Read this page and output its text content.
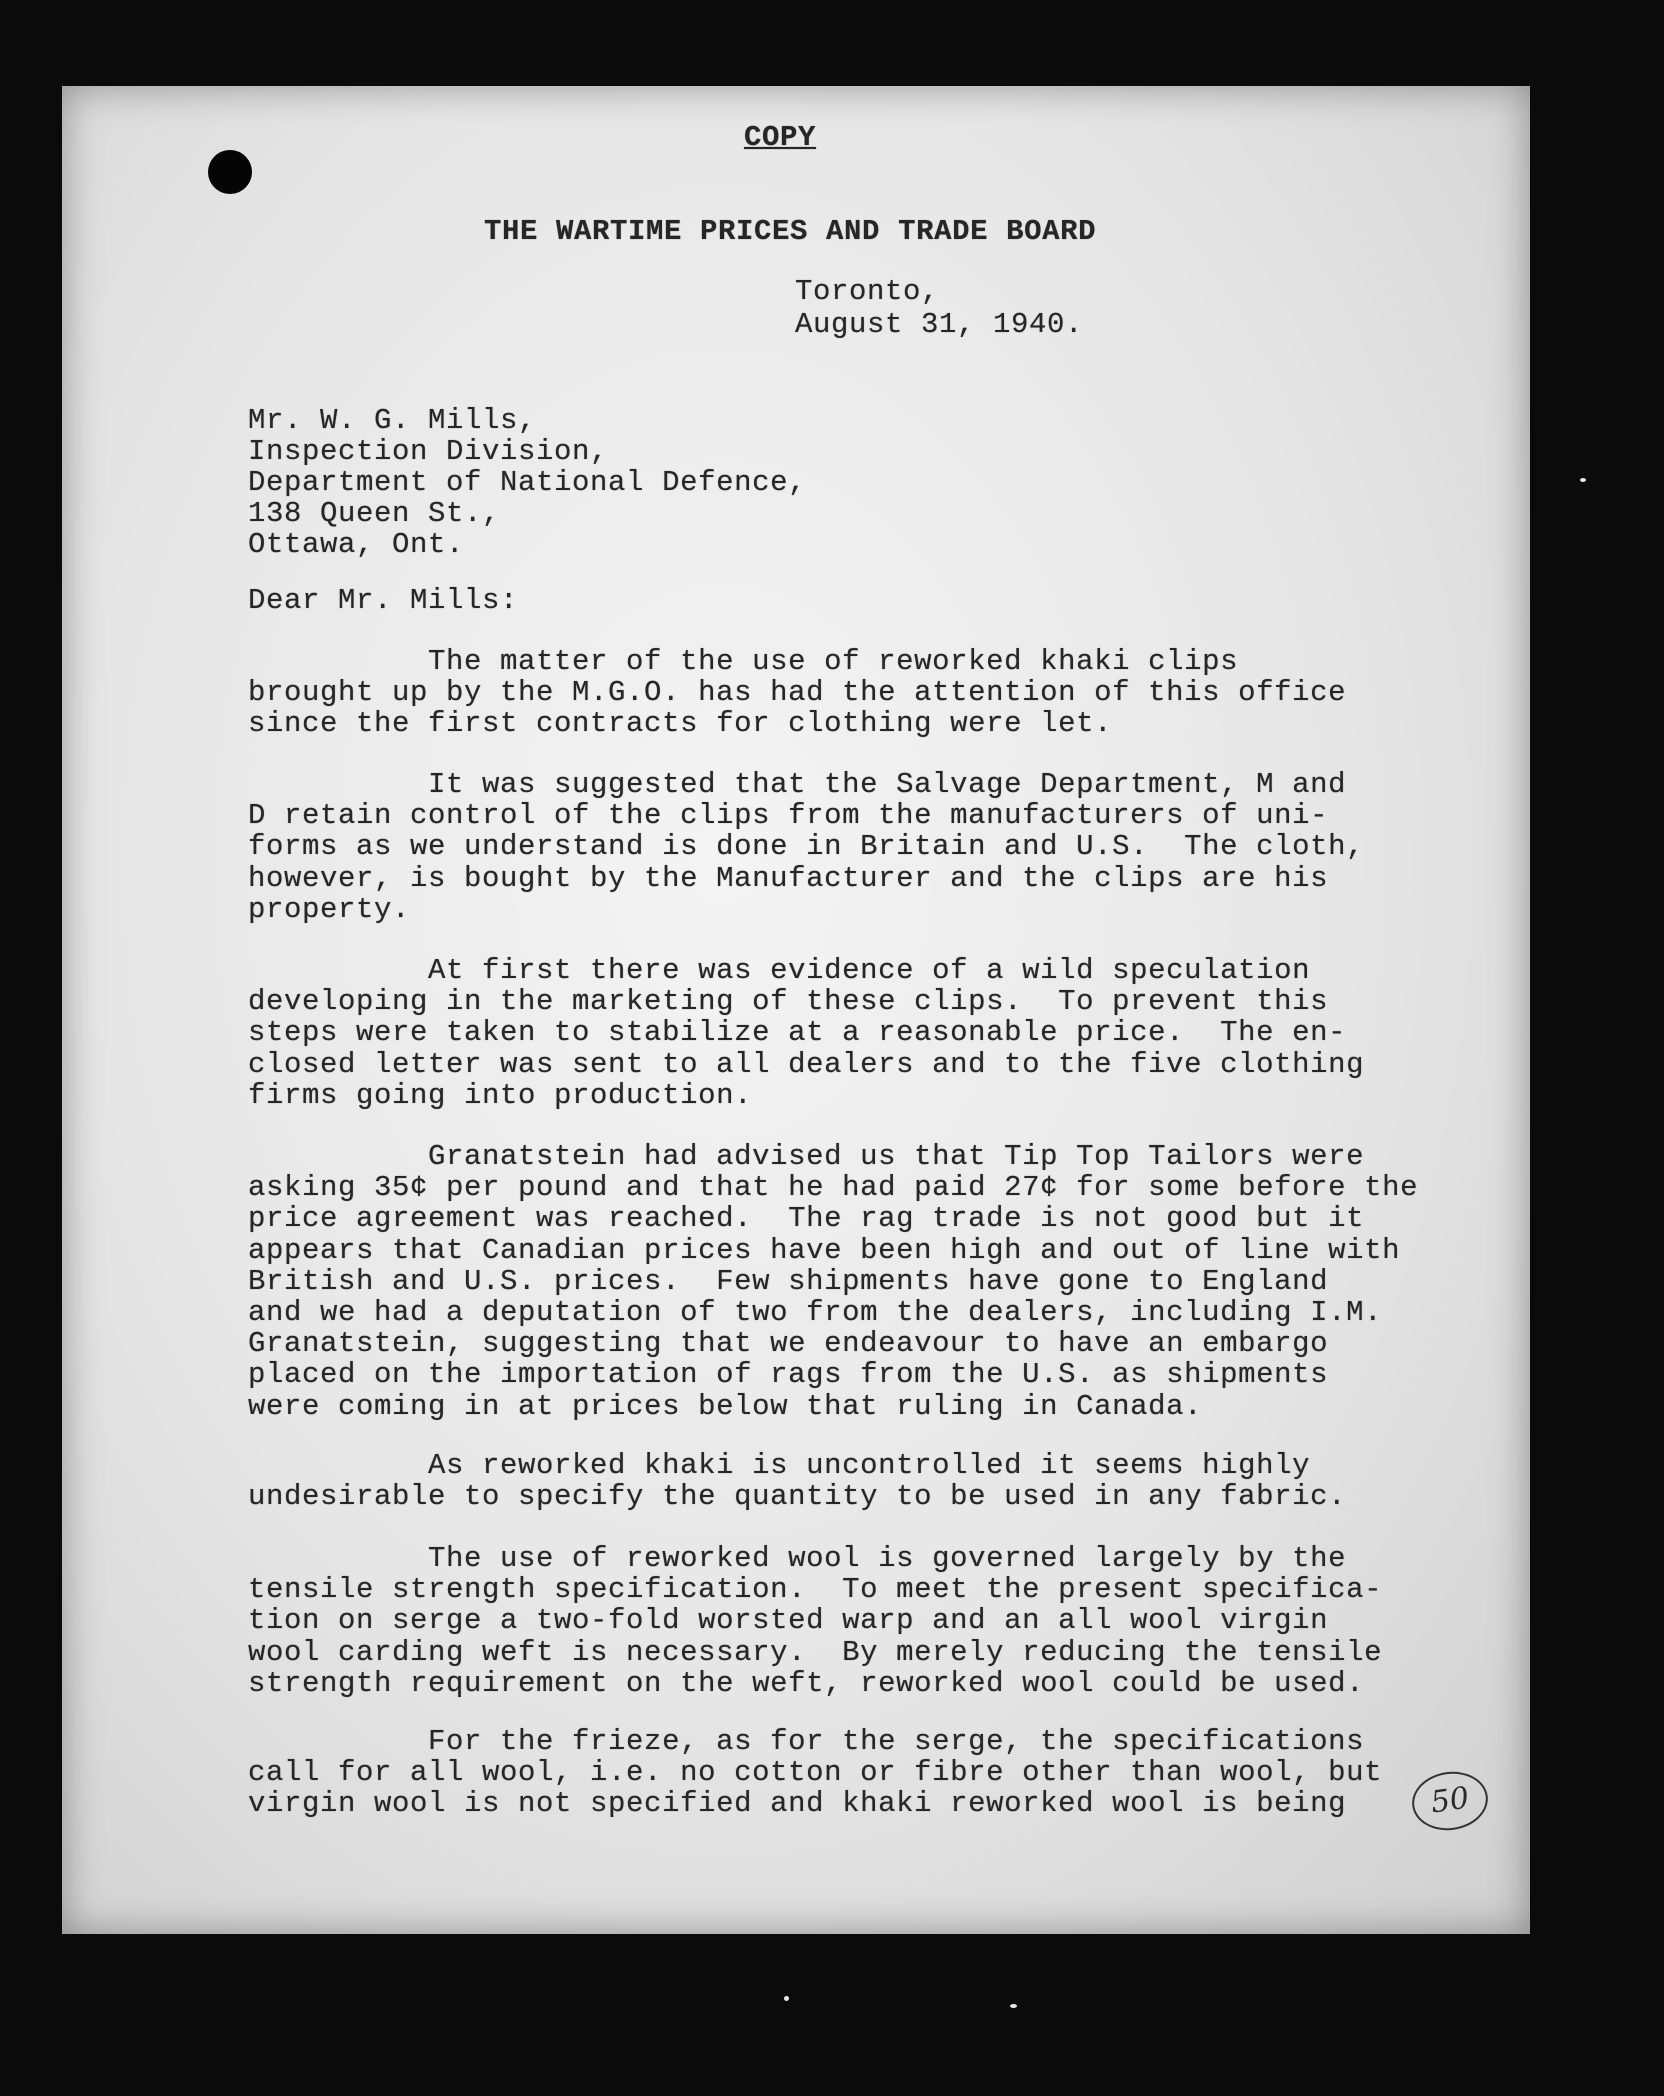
COPY

THE WARTIME PRICES AND TRADE BOARD

Toronto,

August 31, 1940.

Mr. W. G. Mills,
Inspection Division,
Department of National Defence,
138 Queen St.,
Ottawa, Ont.

Dear Mr. Mills:

The matter of the use of reworked khaki clips
brought up by the M.G.O. has had the attention of this office
since the first contracts for clothing were let.

It was suggested that the Salvage Department, M and
D retain control of the clips from the manufacturers of uni-
forms as we understand is done in Britain and U.S.  The cloth,
however, is bought by the Manufacturer and the clips are his
property.

At first there was evidence of a wild speculation
developing in the marketing of these clips.  To prevent this
steps were taken to stabilize at a reasonable price.  The en-
closed letter was sent to all dealers and to the five clothing
firms going into production.

Granatstein had advised us that Tip Top Tailors were
asking 35¢ per pound and that he had paid 27¢ for some before the
price agreement was reached.  The rag trade is not good but it
appears that Canadian prices have been high and out of line with
British and U.S. prices.  Few shipments have gone to England
and we had a deputation of two from the dealers, including I.M.
Granatstein, suggesting that we endeavour to have an embargo
placed on the importation of rags from the U.S. as shipments
were coming in at prices below that ruling in Canada.

As reworked khaki is uncontrolled it seems highly
undesirable to specify the quantity to be used in any fabric.

The use of reworked wool is governed largely by the
tensile strength specification.  To meet the present specifica-
tion on serge a two-fold worsted warp and an all wool virgin
wool carding weft is necessary.  By merely reducing the tensile
strength requirement on the weft, reworked wool could be used.

For the frieze, as for the serge, the specifications
call for all wool, i.e. no cotton or fibre other than wool, but
virgin wool is not specified and khaki reworked wool is being	50
